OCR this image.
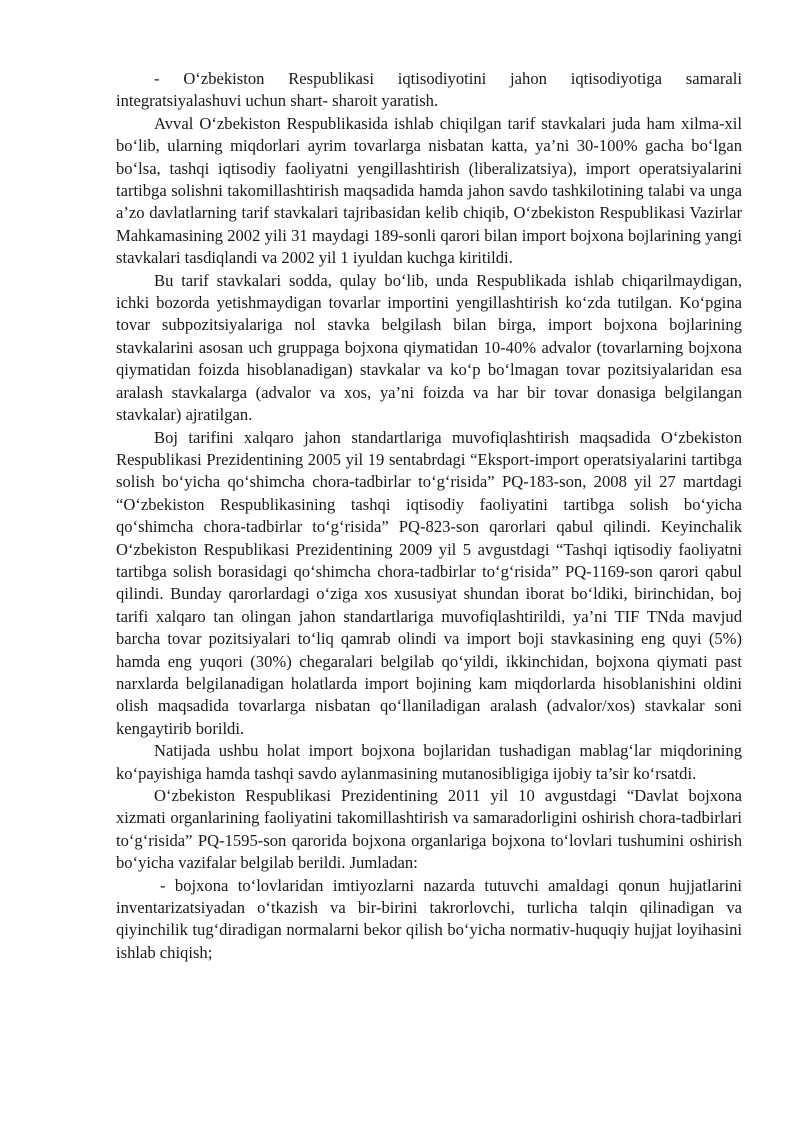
- O‘zbekiston Respublikasi iqtisodiyotini jahon iqtisodiyotiga samarali integratsiyalashuvi uchun shart- sharoit yaratish.

Avval O‘zbekiston Respublikasida ishlab chiqilgan tarif stavkalari juda ham xilma-xil bo‘lib, ularning miqdorlari ayrim tovarlarga nisbatan katta, ya’ni 30-100% gacha bo‘lgan bo‘lsa, tashqi iqtisodiy faoliyatni yengillashtirish (liberalizatsiya), import operatsiyalarini tartibga solishni takomillashtirish maqsadida hamda jahon savdo tashkilotining talabi va unga a’zo davlatlarning tarif stavkalari tajribasidan kelib chiqib, O‘zbekiston Respublikasi Vazirlar Mahkamasining 2002 yili 31 maydagi 189-sonli qarori bilan import bojxona bojlarining yangi stavkalari tasdiqlandi va 2002 yil 1 iyuldan kuchga kiritildi.

Bu tarif stavkalari sodda, qulay bo‘lib, unda Respublikada ishlab chiqarilmaydigan, ichki bozorda yetishmaydigan tovarlar importini yengillashtirish ko‘zda tutilgan. Ko‘pgina tovar subpozitsiyalariga nol stavka belgilash bilan birga, import bojxona bojlarining stavkalarini asosan uch gruppaga bojxona qiymatidan 10-40% advalor (tovarlarning bojxona qiymatidan foizda hisoblanadigan) stavkalar va ko‘p bo‘lmagan tovar pozitsiyalaridan esa aralash stavkalarga (advalor va xos, ya’ni foizda va har bir tovar donasiga belgilangan stavkalar) ajratilgan.

Boj tarifini xalqaro jahon standartlariga muvofiqlashtirish maqsadida O‘zbekiston Respublikasi Prezidentining 2005 yil 19 sentabrdagi “Eksport-import operatsiyalarini tartibga solish bo‘yicha qo‘shimcha chora-tadbirlar to‘g‘risida” PQ-183-son, 2008 yil 27 martdagi “O‘zbekiston Respublikasining tashqi iqtisodiy faoliyatini tartibga solish bo‘yicha qo‘shimcha chora-tadbirlar to‘g‘risida” PQ-823-son qarorlari qabul qilindi. Keyinchalik O‘zbekiston Respublikasi Prezidentining 2009 yil 5 avgustdagi “Tashqi iqtisodiy faoliyatni tartibga solish borasidagi qo‘shimcha chora-tadbirlar to‘g‘risida” PQ-1169-son qarori qabul qilindi. Bunday qarorlardagi o‘ziga xos xususiyat shundan iborat bo‘ldiki, birinchidan, boj tarifi xalqaro tan olingan jahon standartlariga muvofiqlashtirildi, ya’ni TIF TNda mavjud barcha tovar pozitsiyalari to‘liq qamrab olindi va import boji stavkasining eng quyi (5%) hamda eng yuqori (30%) chegaralari belgilab qo‘yildi, ikkinchidan, bojxona qiymati past narxlarda belgilanadigan holatlarda import bojining kam miqdorlarda hisoblanishini oldini olish maqsadida tovarlarga nisbatan qo‘llaniladigan aralash (advalor/xos) stavkalar soni kengaytirib borildi.

Natijada ushbu holat import bojxona bojlaridan tushadigan mablag‘lar miqdorining ko‘payishiga hamda tashqi savdo aylanmasining mutanosibligiga ijobiy ta’sir ko‘rsatdi.

O‘zbekiston Respublikasi Prezidentining 2011 yil 10 avgustdagi “Davlat bojxona xizmati organlarining faoliyatini takomillashtirish va samaradorligini oshirish chora-tadbirlari to‘g‘risida” PQ-1595-son qarorida bojxona organlariga bojxona to‘lovlari tushumini oshirish bo‘yicha vazifalar belgilab berildi. Jumladan:

- bojxona to‘lovlaridan imtiyozlarni nazarda tutuvchi amaldagi qonun hujjatlarini inventarizatsiyadan o‘tkazish va bir-birini takrorlovchi, turlicha talqin qilinadigan va qiyinchilik tug‘diradigan normalarni bekor qilish bo‘yicha normativ-huquqiy hujjat loyihasini ishlab chiqish;
